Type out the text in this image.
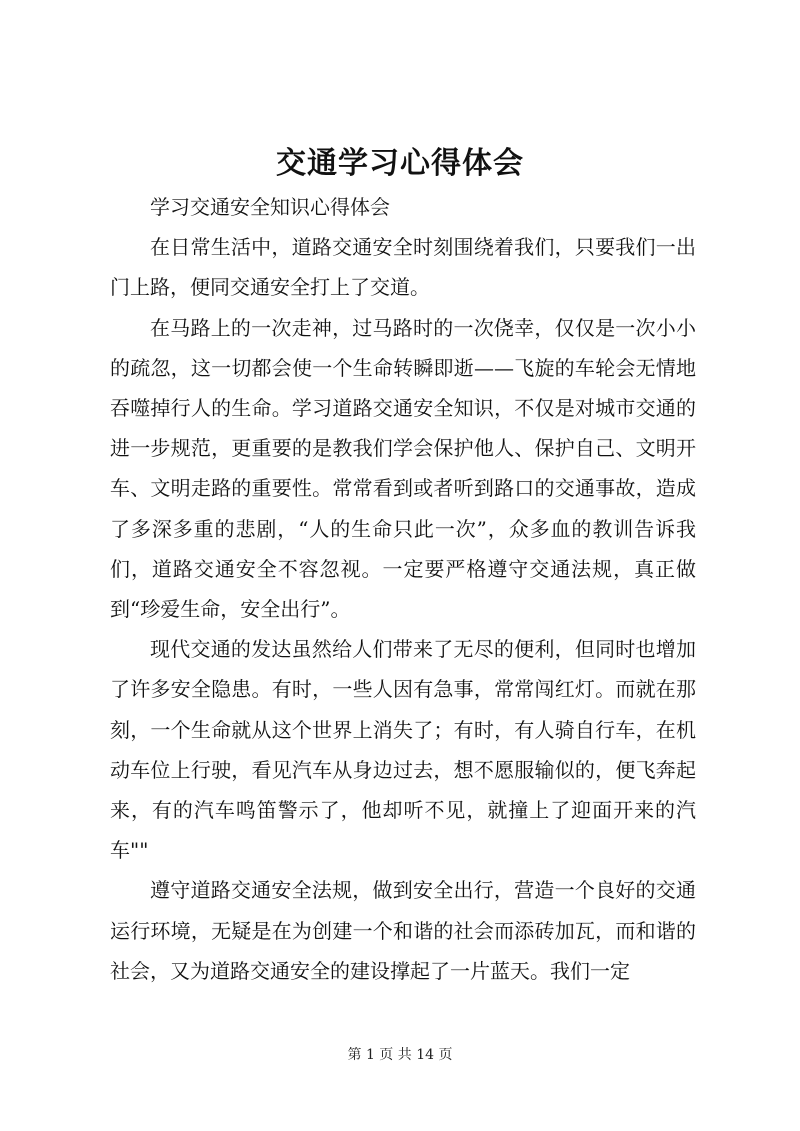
交通学习心得体会

学习交通安全知识心得体会

在日常生活中，道路交通安全时刻围绕着我们，只要我们一出门上路，便同交通安全打上了交道。

在马路上的一次走神，过马路时的一次侥幸，仅仅是一次小小的疏忽，这一切都会使一个生命转瞬即逝——飞旋的车轮会无情地吞噬掉行人的生命。学习道路交通安全知识，不仅是对城市交通的进一步规范，更重要的是教我们学会保护他人、保护自己、文明开车、文明走路的重要性。常常看到或者听到路口的交通事故，造成了多深多重的悲剧，“人的生命只此一次”，众多血的教训告诉我们，道路交通安全不容忽视。一定要严格遵守交通法规，真正做到“珍爱生命，安全出行”。

现代交通的发达虽然给人们带来了无尽的便利，但同时也增加了许多安全隐患。有时，一些人因有急事，常常闯红灯。而就在那刻，一个生命就从这个世界上消失了；有时，有人骑自行车，在机动车位上行驶，看见汽车从身边过去，想不愿服输似的，便飞奔起来，有的汽车鸣笛警示了，他却听不见，就撞上了迎面开来的汽车""

遵守道路交通安全法规，做到安全出行，营造一个良好的交通运行环境，无疑是在为创建一个和谐的社会而添砖加瓦，而和谐的社会，又为道路交通安全的建设撑起了一片蓝天。我们一定

第 1 页 共 14 页
